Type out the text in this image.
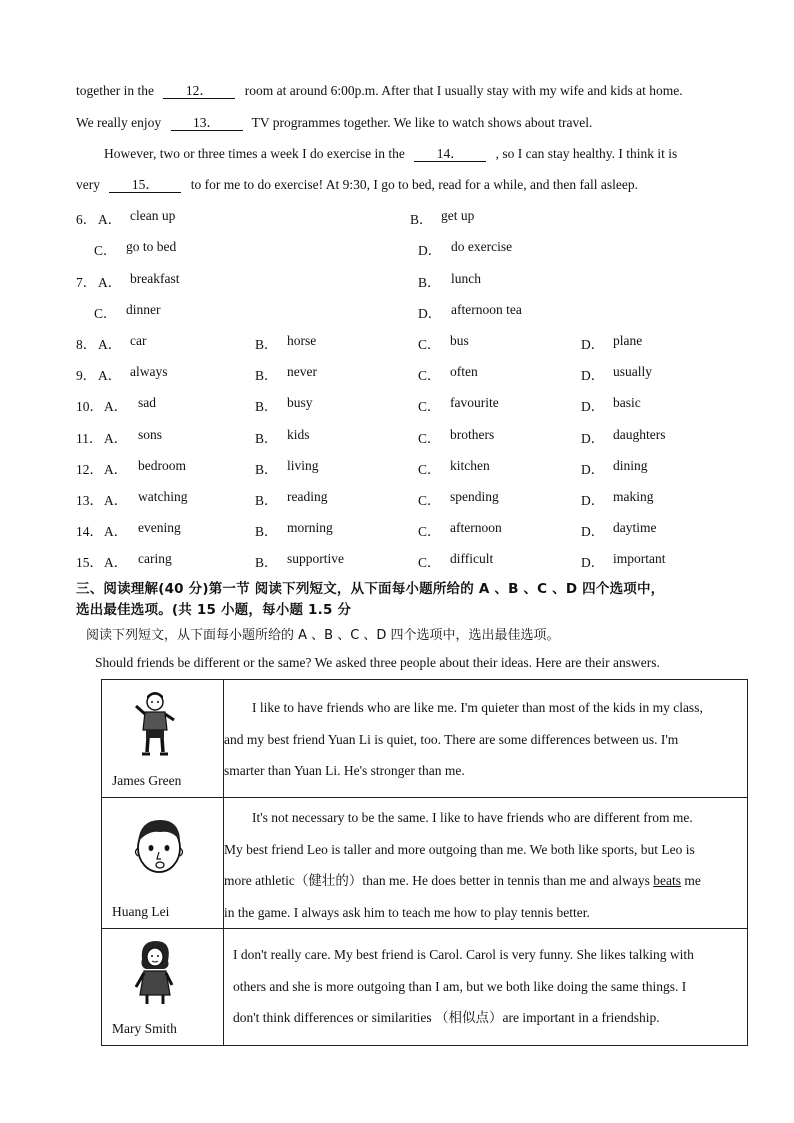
together in the 12． room at around 6:00p.m. After that I usually stay with my wife and kids at home.
We really enjoy 13． TV programmes together. We like to watch shows about travel.
However, two or three times a week I do exercise in the 14． , so I can stay healthy. I think it is
very 15． to for me to do exercise! At 9:30, I go to bed, read for a while, and then fall asleep.
6． A． clean up	B． get up
C． go to bed	D． do exercise
7． A． breakfast	B． lunch
C． dinner	D． afternoon tea
8． A． car	B． horse	C． bus	D． plane
9． A． always	B． never	C． often	D． usually
10． A． sad	B． busy	C． favourite	D． basic
11． A． sons	B． kids	C． brothers	D． daughters
12． A． bedroom	B． living	C． kitchen	D． dining
13． A． watching	B． reading	C． spending	D． making
14． A． evening	B． morning	C． afternoon	D． daytime
15． A． caring	B． supportive	C． difficult	D． important
三、阅读理解(40 分)第一节 阅读下列短文，从下面每小题所给的 A 、B 、C 、D 四个选项中，
选出最佳选项。(共 15 小题，每小题 1.5 分
阅读下列短文，从下面每小题所给的 A 、B 、C 、D 四个选项中，选出最佳选项。
Should friends be different or the same? We asked three people about their ideas. Here are their answers.
James Green	I like to have friends who are like me. I'm quieter than most of the kids in my class,
and my best friend Yuan Li is quiet, too. There are some differences between us. I'm
smarter than Yuan Li. He's stronger than me.

Huang Lei	It's not necessary to be the same. I like to have friends who are different from me.
My best friend Leo is taller and more outgoing than me. We both like sports, but Leo is
more athletic（健壮的）than me. He does better in tennis than me and always beats me
in the game. I always ask him to teach me how to play tennis better.

Mary Smith	I don't really care. My best friend is Carol. Carol is very funny. She likes talking with
others and she is more outgoing than I am, but we both like doing the same things. I
don't think differences or similarities （相似点）are important in a friendship.
